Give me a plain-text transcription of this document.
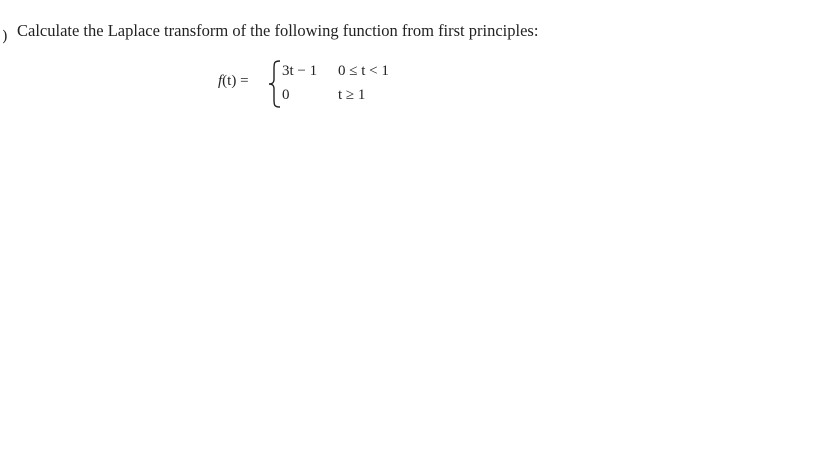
) Calculate the Laplace transform of the following function from first principles:
f(t) =
3t − 1 0 ≤ t < 1
0	t ≥ 1
